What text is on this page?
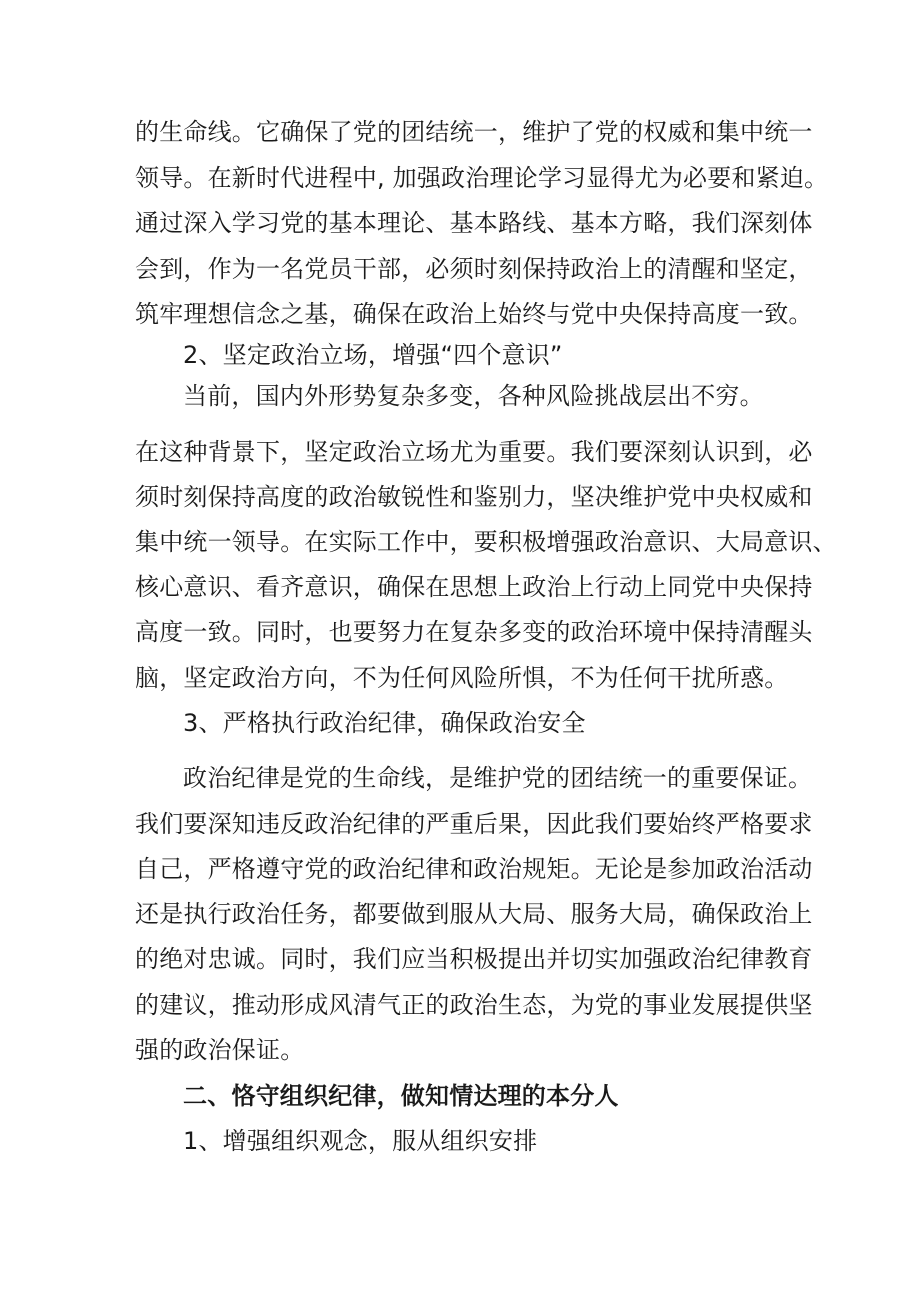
的生命线。它确保了党的团结统一，维护了党的权威和集中统一
领导。在新时代进程中, 加强政治理论学习显得尤为必要和紧迫。
通过深入学习党的基本理论、基本路线、基本方略，我们深刻体
会到，作为一名党员干部，必须时刻保持政治上的清醒和坚定，
筑牢理想信念之基，确保在政治上始终与党中央保持高度一致。
2、坚定政治立场，增强“四个意识”
当前，国内外形势复杂多变，各种风险挑战层出不穷。
在这种背景下，坚定政治立场尤为重要。我们要深刻认识到，必
须时刻保持高度的政治敏锐性和鉴别力，坚决维护党中央权威和
集中统一领导。在实际工作中，要积极增强政治意识、大局意识、
核心意识、看齐意识，确保在思想上政治上行动上同党中央保持
高度一致。同时，也要努力在复杂多变的政治环境中保持清醒头
脑，坚定政治方向，不为任何风险所惧，不为任何干扰所惑。
3、严格执行政治纪律，确保政治安全
政治纪律是党的生命线，是维护党的团结统一的重要保证。
我们要深知违反政治纪律的严重后果，因此我们要始终严格要求
自己，严格遵守党的政治纪律和政治规矩。无论是参加政治活动
还是执行政治任务，都要做到服从大局、服务大局，确保政治上
的绝对忠诚。同时，我们应当积极提出并切实加强政治纪律教育
的建议，推动形成风清气正的政治生态，为党的事业发展提供坚
强的政治保证。
二、恪守组织纪律，做知情达理的本分人
1、增强组织观念，服从组织安排
